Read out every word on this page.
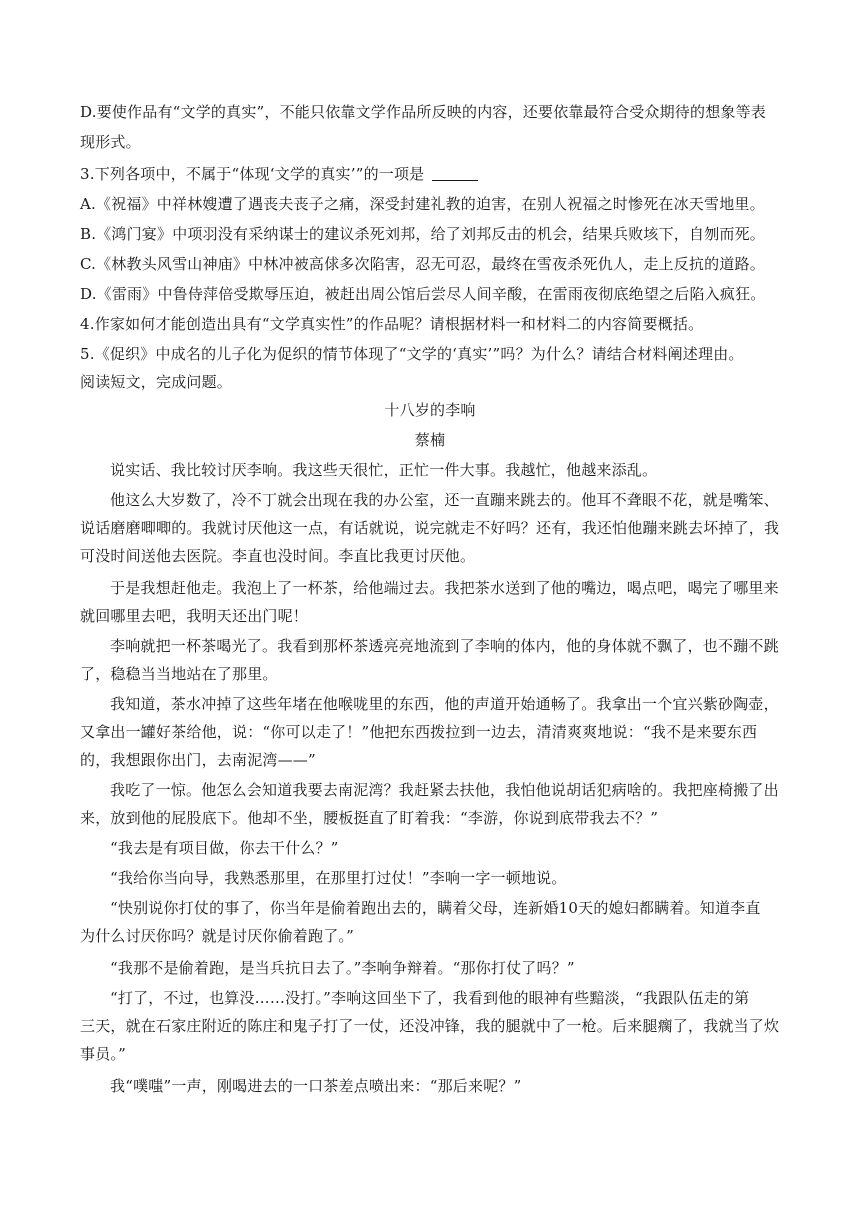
D.要使作品有“文学的真实”，不能只依靠文学作品所反映的内容，还要依靠最符合受众期待的想象等表
现形式。
3.下列各项中，不属于“体现‘文学的真实’”的一项是
A.《祝福》中祥林嫂遭了遇丧夫丧子之痛，深受封建礼教的迫害，在别人祝福之时惨死在冰天雪地里。
B.《鸿门宴》中项羽没有采纳谋士的建议杀死刘邦，给了刘邦反击的机会，结果兵败垓下，自刎而死。
C.《林教头风雪山神庙》中林冲被高俅多次陷害，忍无可忍，最终在雪夜杀死仇人，走上反抗的道路。
D.《雷雨》中鲁侍萍倍受欺辱压迫，被赶出周公馆后尝尽人间辛酸，在雷雨夜彻底绝望之后陷入疯狂。
4.作家如何才能创造出具有“文学真实性”的作品呢？请根据材料一和材料二的内容简要概括。
5.《促织》中成名的儿子化为促织的情节体现了“文学的‘真实’”吗？为什么？请结合材料阐述理由。
阅读短文，完成问题。
十八岁的李响
蔡楠
说实话、我比较讨厌李响。我这些天很忙，正忙一件大事。我越忙，他越来添乱。
他这么大岁数了，冷不丁就会出现在我的办公室，还一直蹦来跳去的。他耳不聋眼不花，就是嘴笨、
说话磨磨唧唧的。我就讨厌他这一点，有话就说，说完就走不好吗？还有，我还怕他蹦来跳去坏掉了，我
可没时间送他去医院。李直也没时间。李直比我更讨厌他。
于是我想赶他走。我泡上了一杯茶，给他端过去。我把茶水送到了他的嘴边，喝点吧，喝完了哪里来
就回哪里去吧，我明天还出门呢！
李响就把一杯茶喝光了。我看到那杯茶透亮亮地流到了李响的体内，他的身体就不飘了，也不蹦不跳
了，稳稳当当地站在了那里。
我知道，茶水冲掉了这些年堵在他喉咙里的东西，他的声道开始通畅了。我拿出一个宜兴紫砂陶壶，
又拿出一罐好茶给他，说：“你可以走了！”他把东西拨拉到一边去，清清爽爽地说：“我不是来要东西
的，我想跟你出门，去南泥湾——”
我吃了一惊。他怎么会知道我要去南泥湾？我赶紧去扶他，我怕他说胡话犯病啥的。我把座椅搬了出
来，放到他的屁股底下。他却不坐，腰板挺直了盯着我：“李游，你说到底带我去不？”
“我去是有项目做，你去干什么？”
“我给你当向导，我熟悉那里，在那里打过仗！”李响一字一顿地说。
“快别说你打仗的事了，你当年是偷着跑出去的，瞒着父母，连新婚10天的媳妇都瞒着。知道李直
为什么讨厌你吗？就是讨厌你偷着跑了。”
“我那不是偷着跑，是当兵抗日去了。”李响争辩着。“那你打仗了吗？”
“打了，不过，也算没……没打。”李响这回坐下了，我看到他的眼神有些黯淡，“我跟队伍走的第
三天，就在石家庄附近的陈庄和鬼子打了一仗，还没冲锋，我的腿就中了一枪。后来腿瘸了，我就当了炊
事员。”
我“噗嗤”一声，刚喝进去的一口茶差点喷出来：“那后来呢？”
